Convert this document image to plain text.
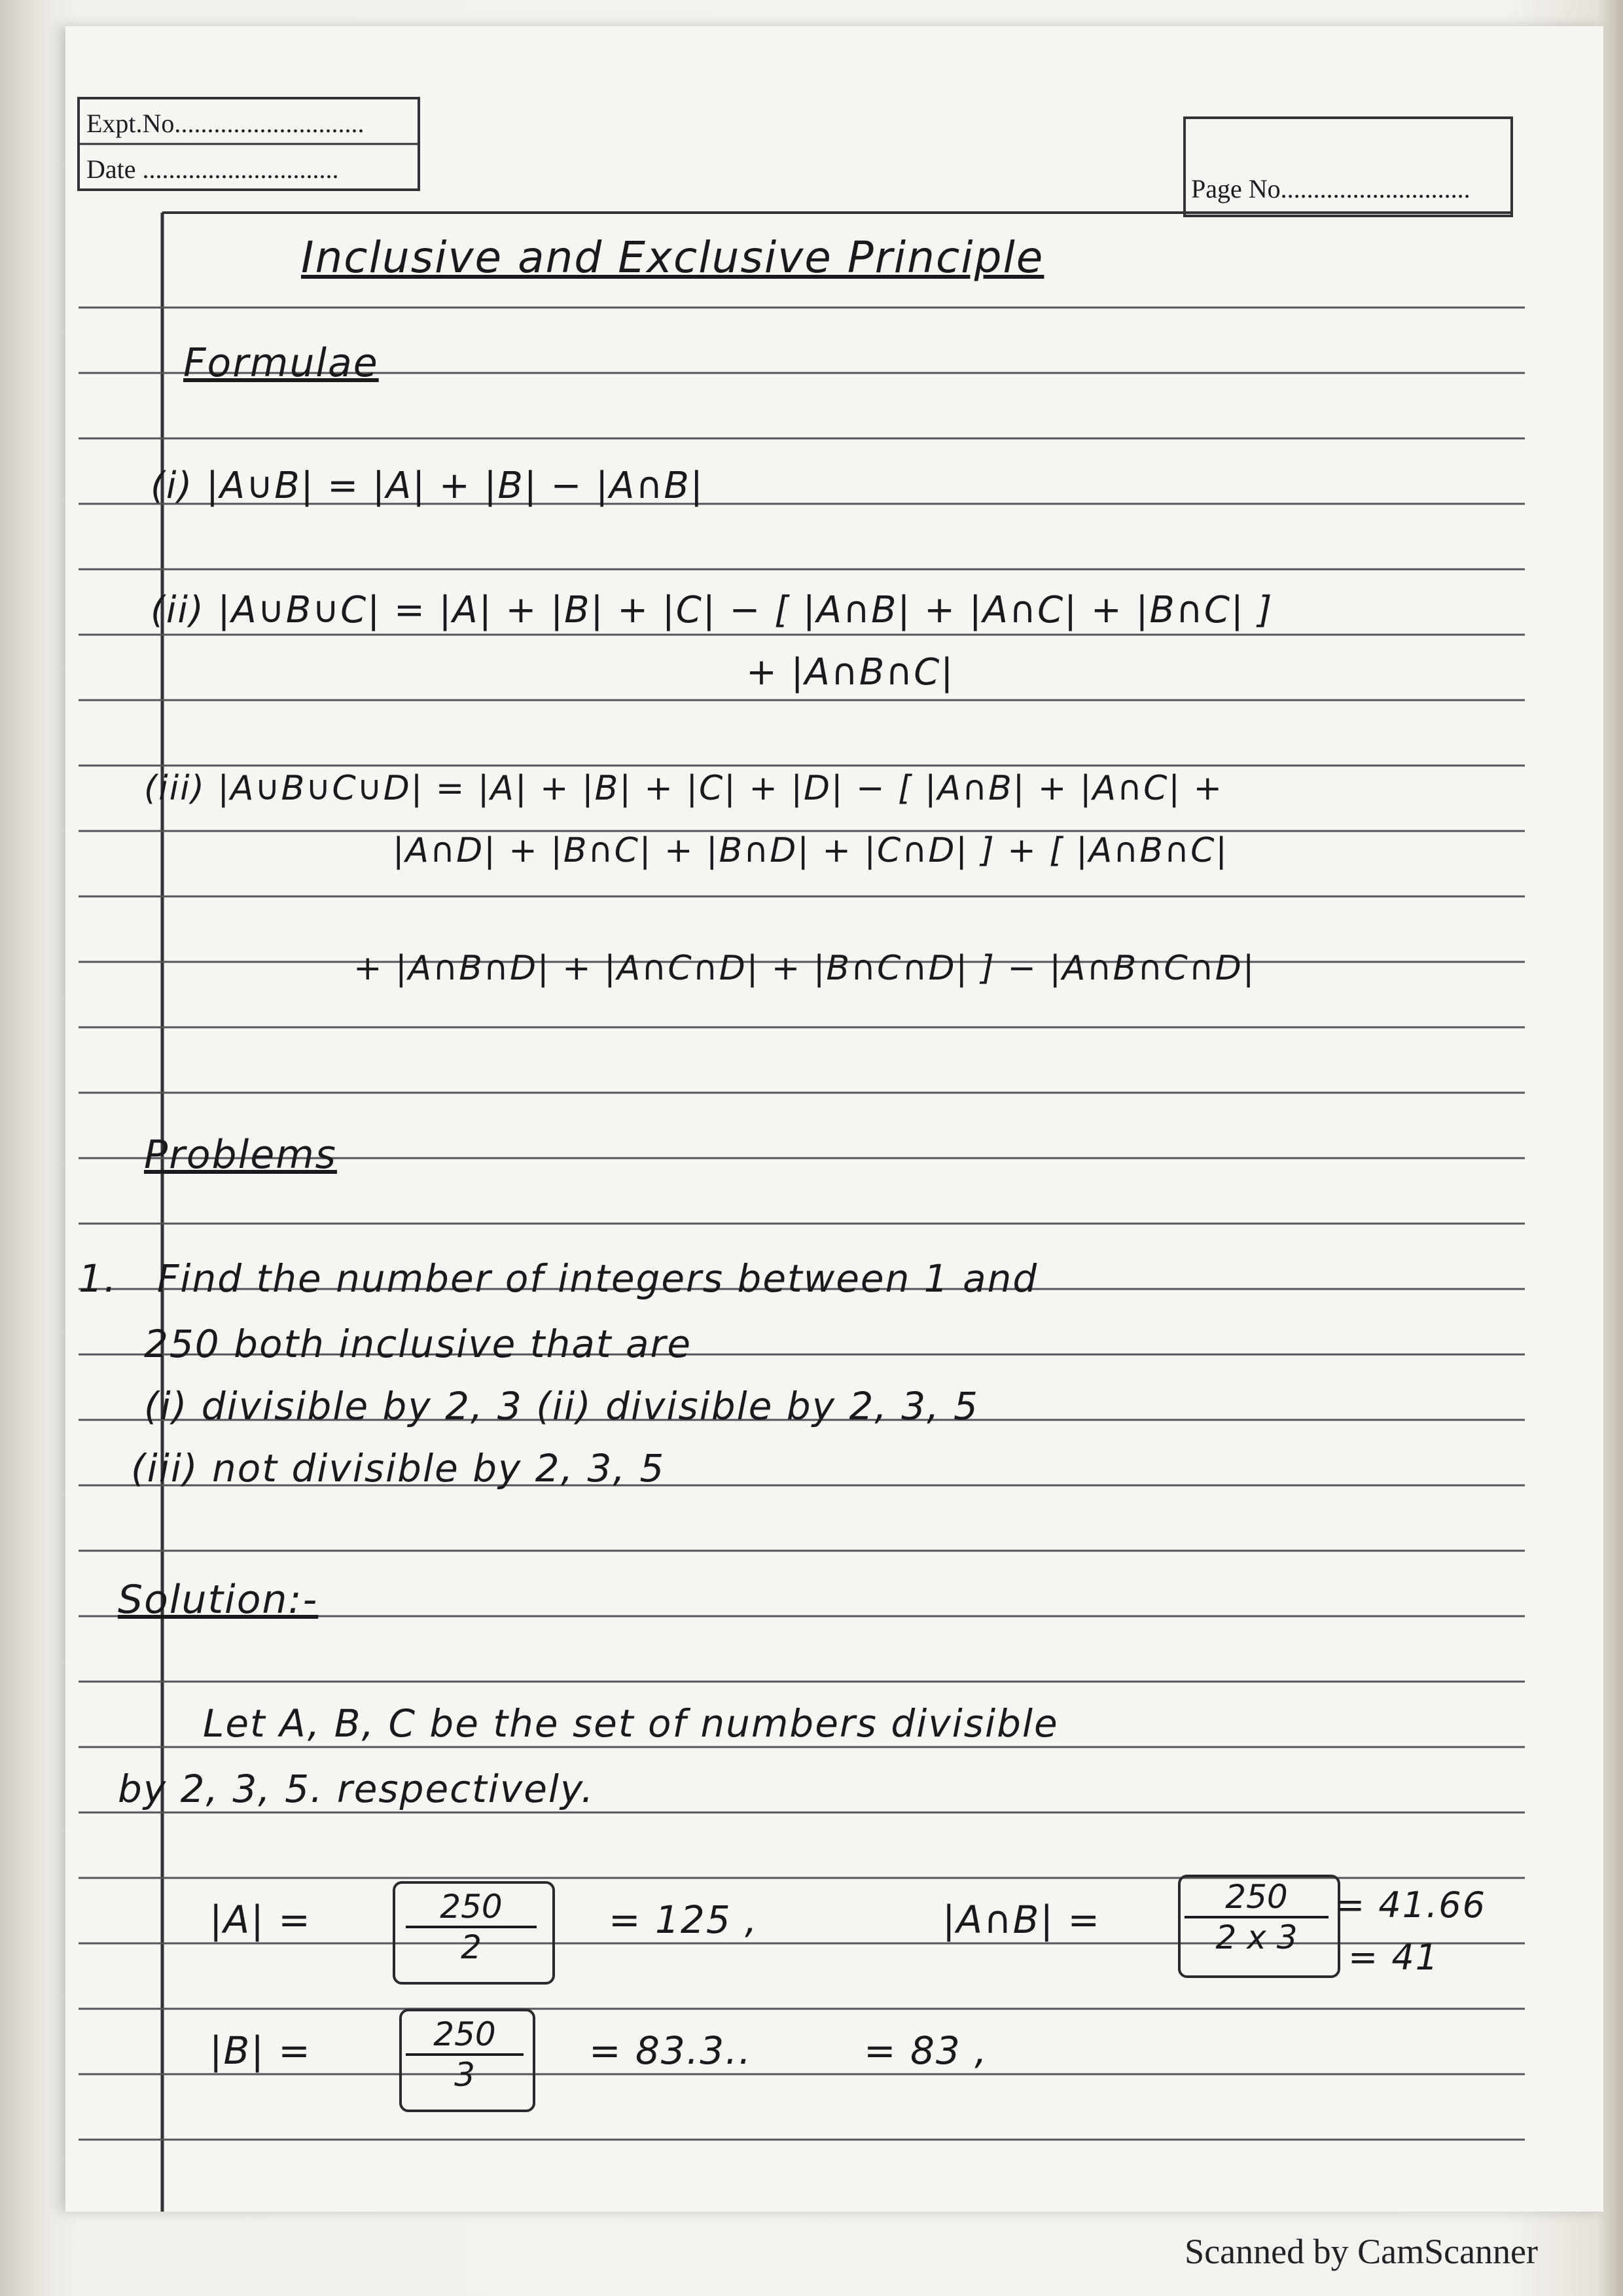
Expt.No.............................
Date ..............................
Page No.............................
Inclusive and Exclusive Principle
Formulae
(i) |A∪B| = |A| + |B| − |A∩B|
(ii) |A∪B∪C| = |A| + |B| + |C| − [ |A∩B| + |A∩C| + |B∩C| ]
+ |A∩B∩C|
(iii) |A∪B∪C∪D| = |A| + |B| + |C| + |D| − [ |A∩B| + |A∩C| +
|A∩D| + |B∩C| + |B∩D| + |C∩D| ] + [ |A∩B∩C|
+ |A∩B∩D| + |A∩C∩D| + |B∩C∩D| ] − |A∩B∩C∩D|
Problems
1. Find the number of integers between 1 and
250 both inclusive that are
(i) divisible by 2, 3 (ii) divisible by 2, 3, 5
(iii) not divisible by 2, 3, 5
Solution:-
Let A, B, C be the set of numbers divisible
by 2, 3, 5. respectively.
|A| =	$\frac{250}{2} = 125$ ,	|A∩B| =	$\frac{250}{2 x 3} = 41.66$
= 41
|B| =	$\frac{250}{3} = 83.3$..	= 83 ,
Scanned by CamScanner
